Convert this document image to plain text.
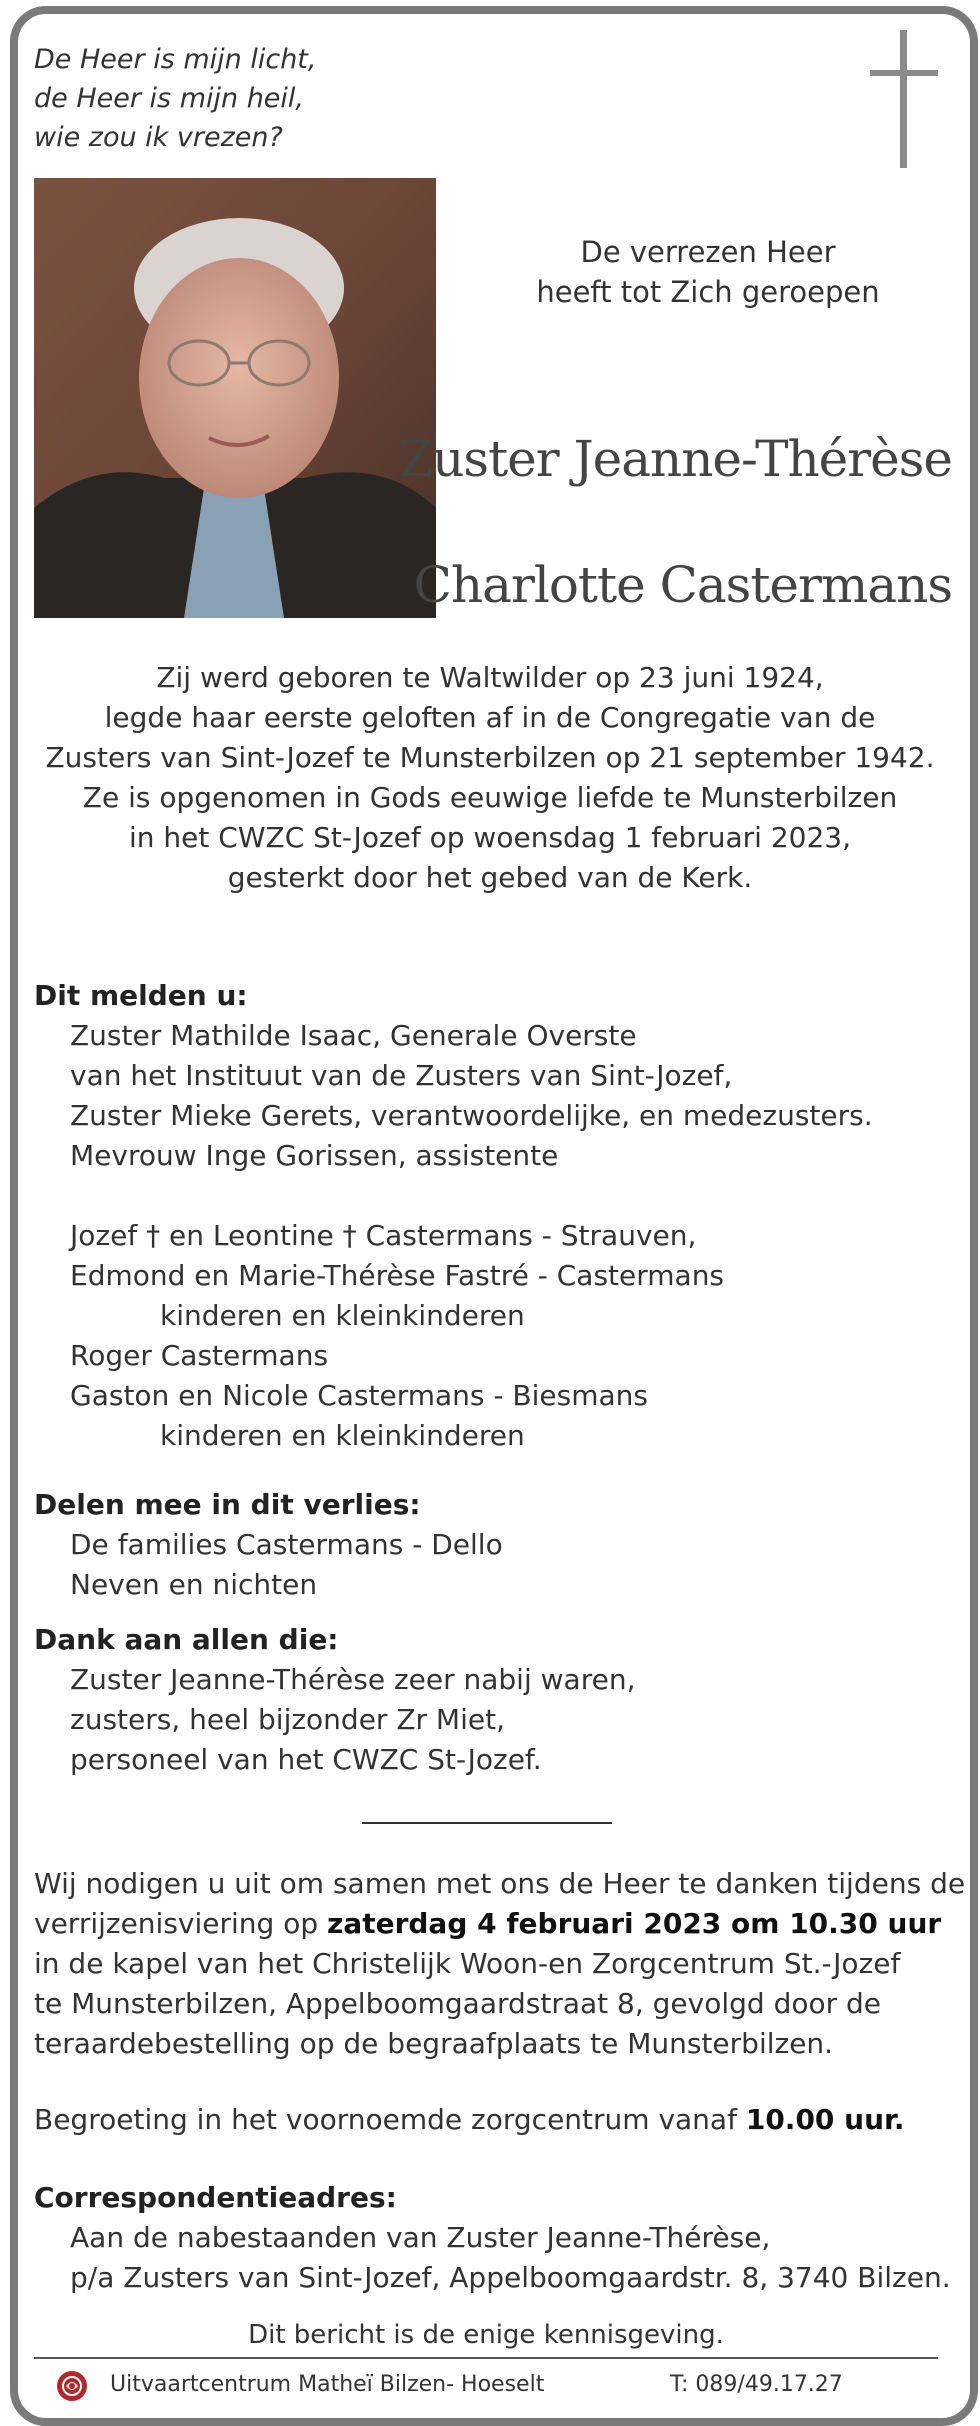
De Heer is mijn licht,
de Heer is mijn heil,
wie zou ik vrezen?
De verrezen Heer
heeft tot Zich geroepen
Zuster Jeanne-Thérèse
Charlotte Castermans
Zij werd geboren te Waltwilder op 23 juni 1924,
legde haar eerste geloften af in de Congregatie van de
Zusters van Sint-Jozef te Munsterbilzen op 21 september 1942.
Ze is opgenomen in Gods eeuwige liefde te Munsterbilzen
in het CWZC St-Jozef op woensdag 1 februari 2023,
gesterkt door het gebed van de Kerk.
Dit melden u:
Zuster Mathilde Isaac, Generale Overste
van het Instituut van de Zusters van Sint-Jozef,
Zuster Mieke Gerets, verantwoordelijke, en medezusters.
Mevrouw Inge Gorissen, assistente
Jozef † en Leontine † Castermans - Strauven,
Edmond en Marie-Thérèse Fastré - Castermans
kinderen en kleinkinderen
Roger Castermans
Gaston en Nicole Castermans - Biesmans
kinderen en kleinkinderen
Delen mee in dit verlies:
De families Castermans - Dello
Neven en nichten
Dank aan allen die:
Zuster Jeanne-Thérèse zeer nabij waren,
zusters, heel bijzonder Zr Miet,
personeel van het CWZC St-Jozef.
Wij nodigen u uit om samen met ons de Heer te danken tijdens de
verrijzenisviering op zaterdag 4 februari 2023 om 10.30 uur
in de kapel van het Christelijk Woon-en Zorgcentrum St.-Jozef
te Munsterbilzen, Appelboomgaardstraat 8, gevolgd door de
teraardebestelling op de begraafplaats te Munsterbilzen.
Begroeting in het voornoemde zorgcentrum vanaf 10.00 uur.
Correspondentieadres:
Aan de nabestaanden van Zuster Jeanne-Thérèse,
p/a Zusters van Sint-Jozef, Appelboomgaardstr. 8, 3740 Bilzen.
Dit bericht is de enige kennisgeving.
Uitvaartcentrum Matheï Bilzen- Hoeselt	T: 089/49.17.27
